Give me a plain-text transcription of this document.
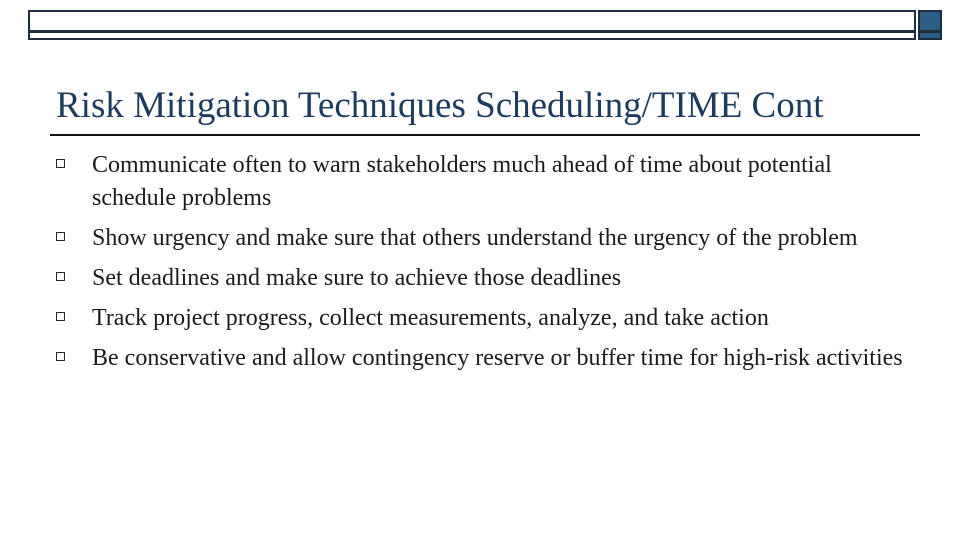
Risk Mitigation Techniques Scheduling/TIME Cont
Communicate often to warn stakeholders much ahead of time about potential schedule problems
Show urgency and make sure that others understand the urgency of the problem
Set deadlines and make sure to achieve those deadlines
Track project progress, collect measurements, analyze, and take action
Be conservative and allow contingency reserve or buffer time for high-risk activities
